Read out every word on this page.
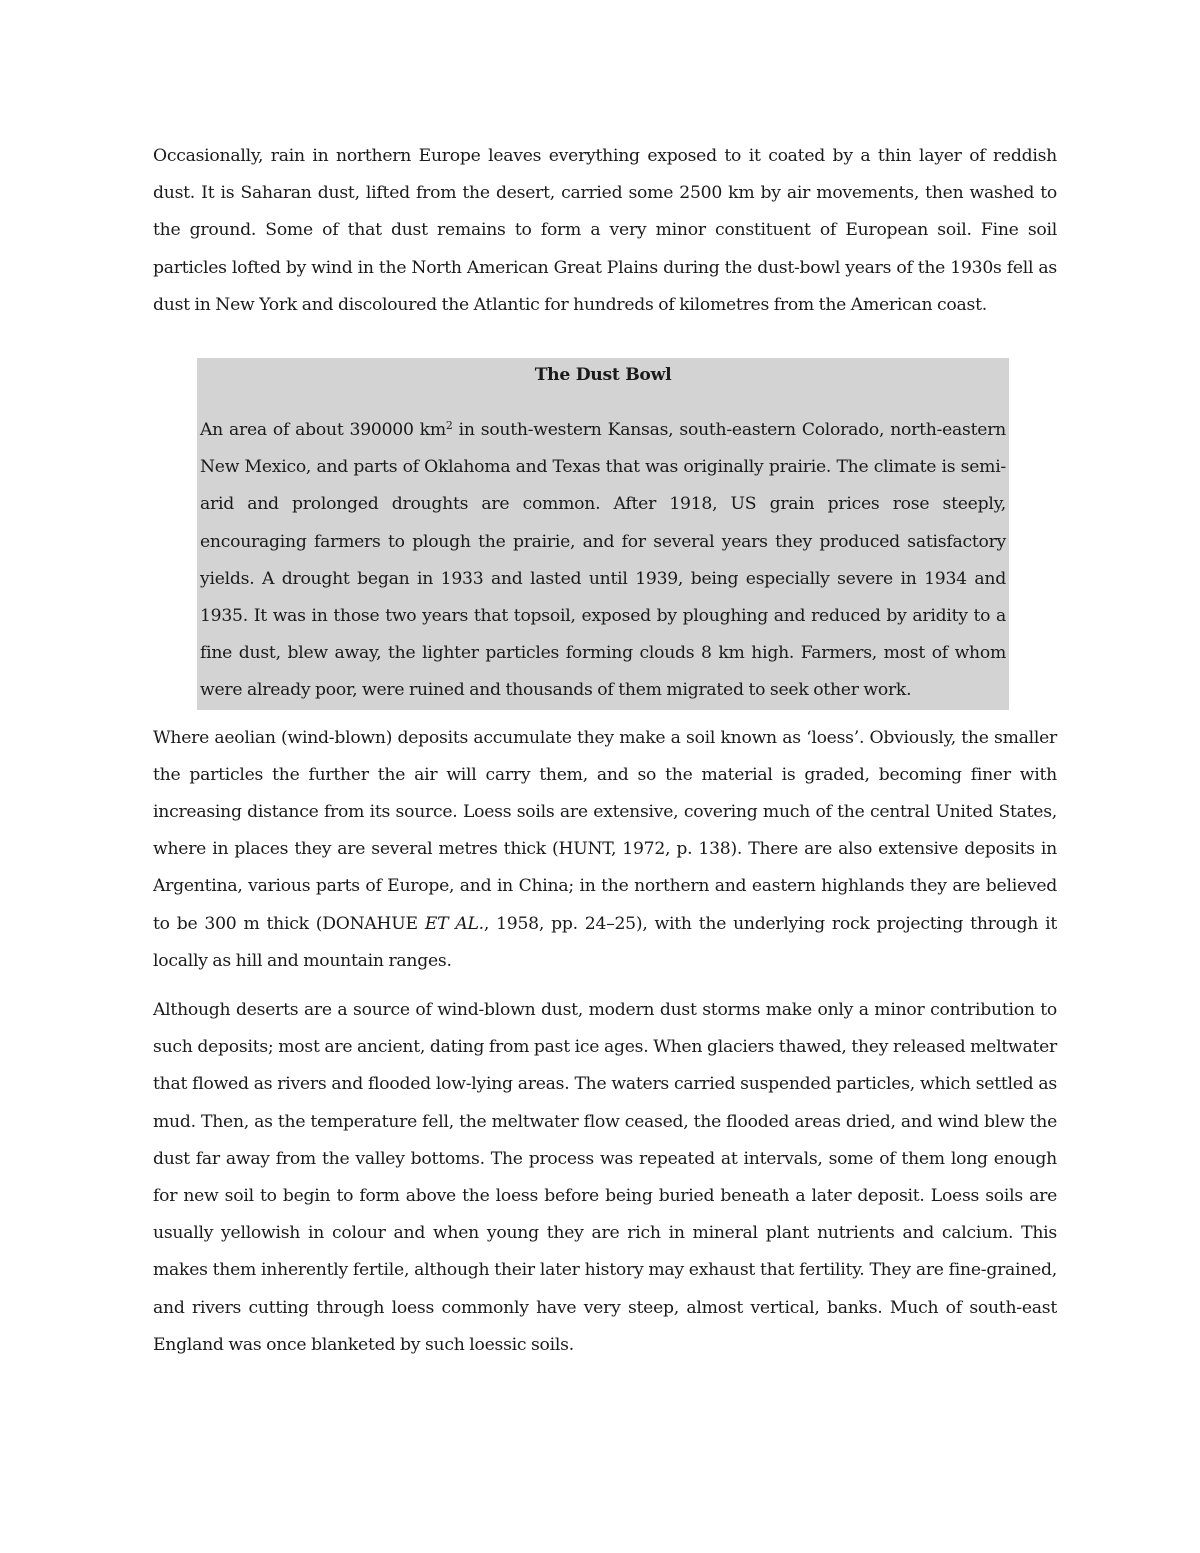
Occasionally, rain in northern Europe leaves everything exposed to it coated by a thin layer of reddish dust. It is Saharan dust, lifted from the desert, carried some 2500 km by air movements, then washed to the ground. Some of that dust remains to form a very minor constituent of European soil. Fine soil particles lofted by wind in the North American Great Plains during the dust-bowl years of the 1930s fell as dust in New York and discoloured the Atlantic for hundreds of kilometres from the American coast.

The Dust Bowl

An area of about 390000 $km^2$ in south-western Kansas, south-eastern Colorado, north-eastern New Mexico, and parts of Oklahoma and Texas that was originally prairie. The climate is semi-arid and prolonged droughts are common. After 1918, US grain prices rose steeply, encouraging farmers to plough the prairie, and for several years they produced satisfactory yields. A drought began in 1933 and lasted until 1939, being especially severe in 1934 and 1935. It was in those two years that topsoil, exposed by ploughing and reduced by aridity to a fine dust, blew away, the lighter particles forming clouds 8 km high. Farmers, most of whom were already poor, were ruined and thousands of them migrated to seek other work.

Where aeolian (wind-blown) deposits accumulate they make a soil known as ‘loess’. Obviously, the smaller the particles the further the air will carry them, and so the material is graded, becoming finer with increasing distance from its source. Loess soils are extensive, covering much of the central United States, where in places they are several metres thick (HUNT, 1972, p. 138). There are also extensive deposits in Argentina, various parts of Europe, and in China; in the northern and eastern highlands they are believed to be 300 m thick (DONAHUE ET AL., 1958, pp. 24–25), with the underlying rock projecting through it locally as hill and mountain ranges.

Although deserts are a source of wind-blown dust, modern dust storms make only a minor contribution to such deposits; most are ancient, dating from past ice ages. When glaciers thawed, they released meltwater that flowed as rivers and flooded low-lying areas. The waters carried suspended particles, which settled as mud. Then, as the temperature fell, the meltwater flow ceased, the flooded areas dried, and wind blew the dust far away from the valley bottoms. The process was repeated at intervals, some of them long enough for new soil to begin to form above the loess before being buried beneath a later deposit. Loess soils are usually yellowish in colour and when young they are rich in mineral plant nutrients and calcium. This makes them inherently fertile, although their later history may exhaust that fertility. They are fine-grained, and rivers cutting through loess commonly have very steep, almost vertical, banks. Much of south-east England was once blanketed by such loessic soils.
